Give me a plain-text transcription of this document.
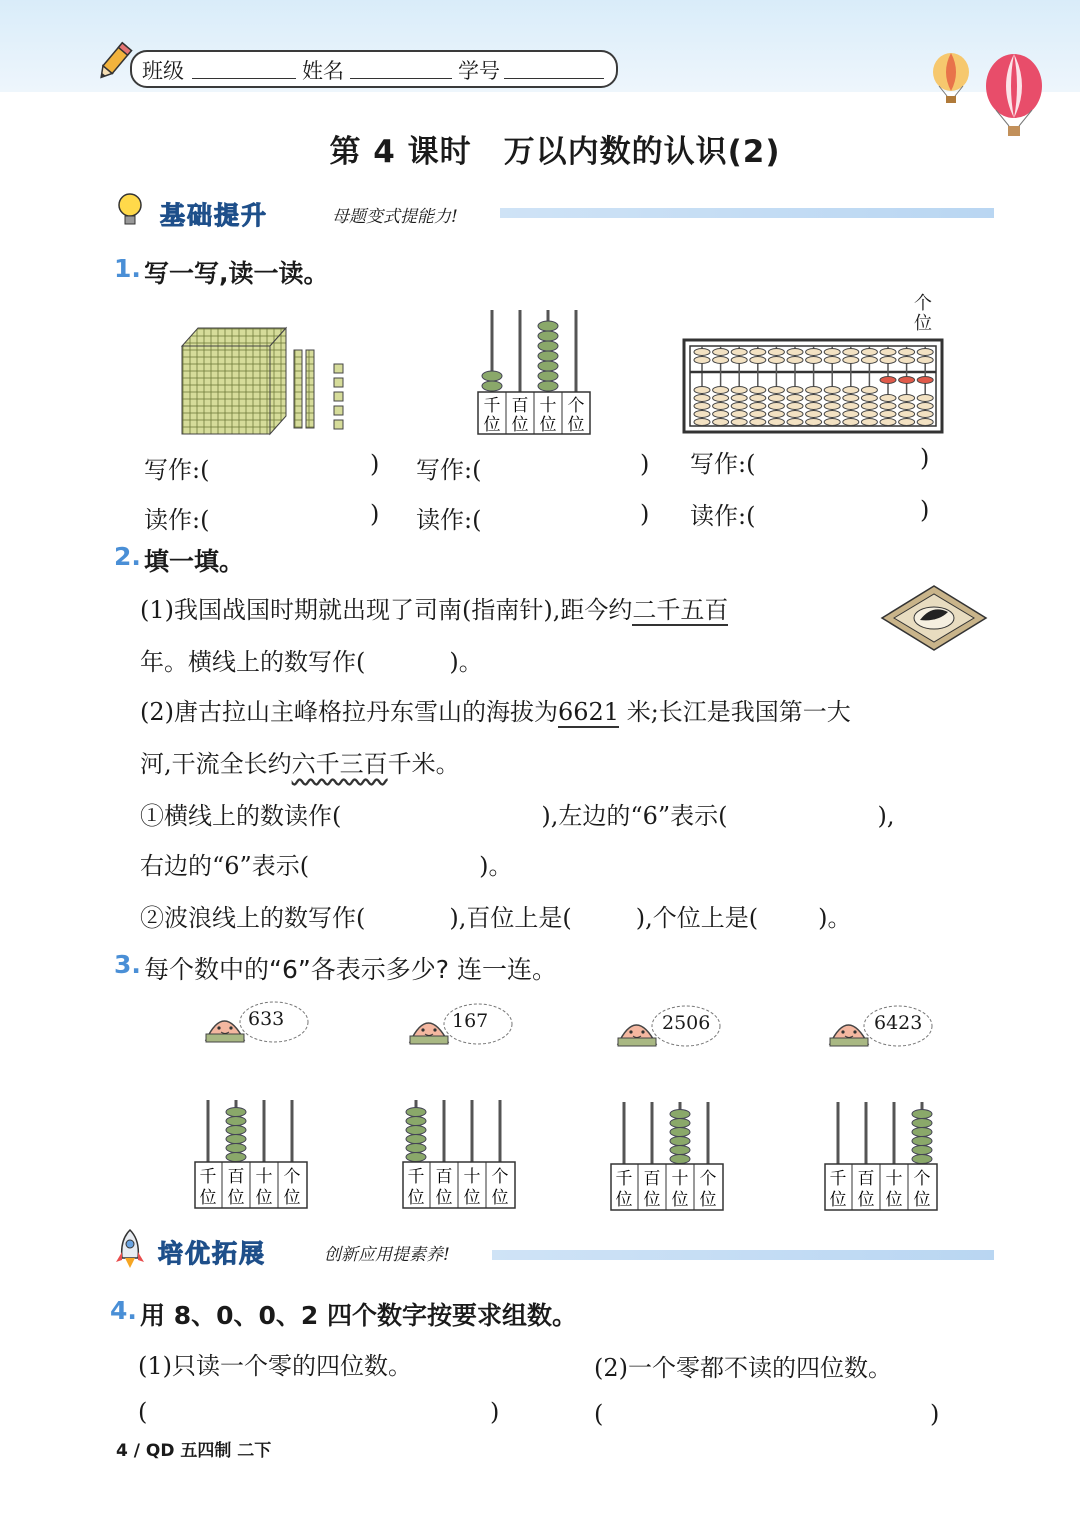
班级	姓名	学号
第 4 课时　万以内数的认识(2)
基础提升	母题变式提能力!
1. 写一写,读一读。
千
位
百
位
十
位
个
位
个
位
写作:(	)
读作:(	)
写作:(	)
读作:(	)
写作:(	)
读作:(	)
2. 填一填。
(1)我国战国时期就出现了司南(指南针),距今约二千五百
年。横线上的数写作(	)。
(2)唐古拉山主峰格拉丹东雪山的海拔为6621 米;长江是我国第一大
河,干流全长约六千三百千米。
①横线上的数读作(	),左边的“6”表示(	),
右边的“6”表示(	)。
②波浪线上的数写作(	),百位上是(	),个位上是(	)。
3. 每个数中的“6”各表示多少? 连一连。
633	167	2506	6423
千
位
百
位
十
位
个
位
千
位
百
位
十
位
个
位
千
位
百
位
十
位
个
位
千
位
百
位
十
位
个
位
培优拓展	创新应用提素养!
4. 用 8、0、0、2 四个数字按要求组数。
(1)只读一个零的四位数。	(2)一个零都不读的四位数。
(	)	(	)
4 / QD 五四制 二下
